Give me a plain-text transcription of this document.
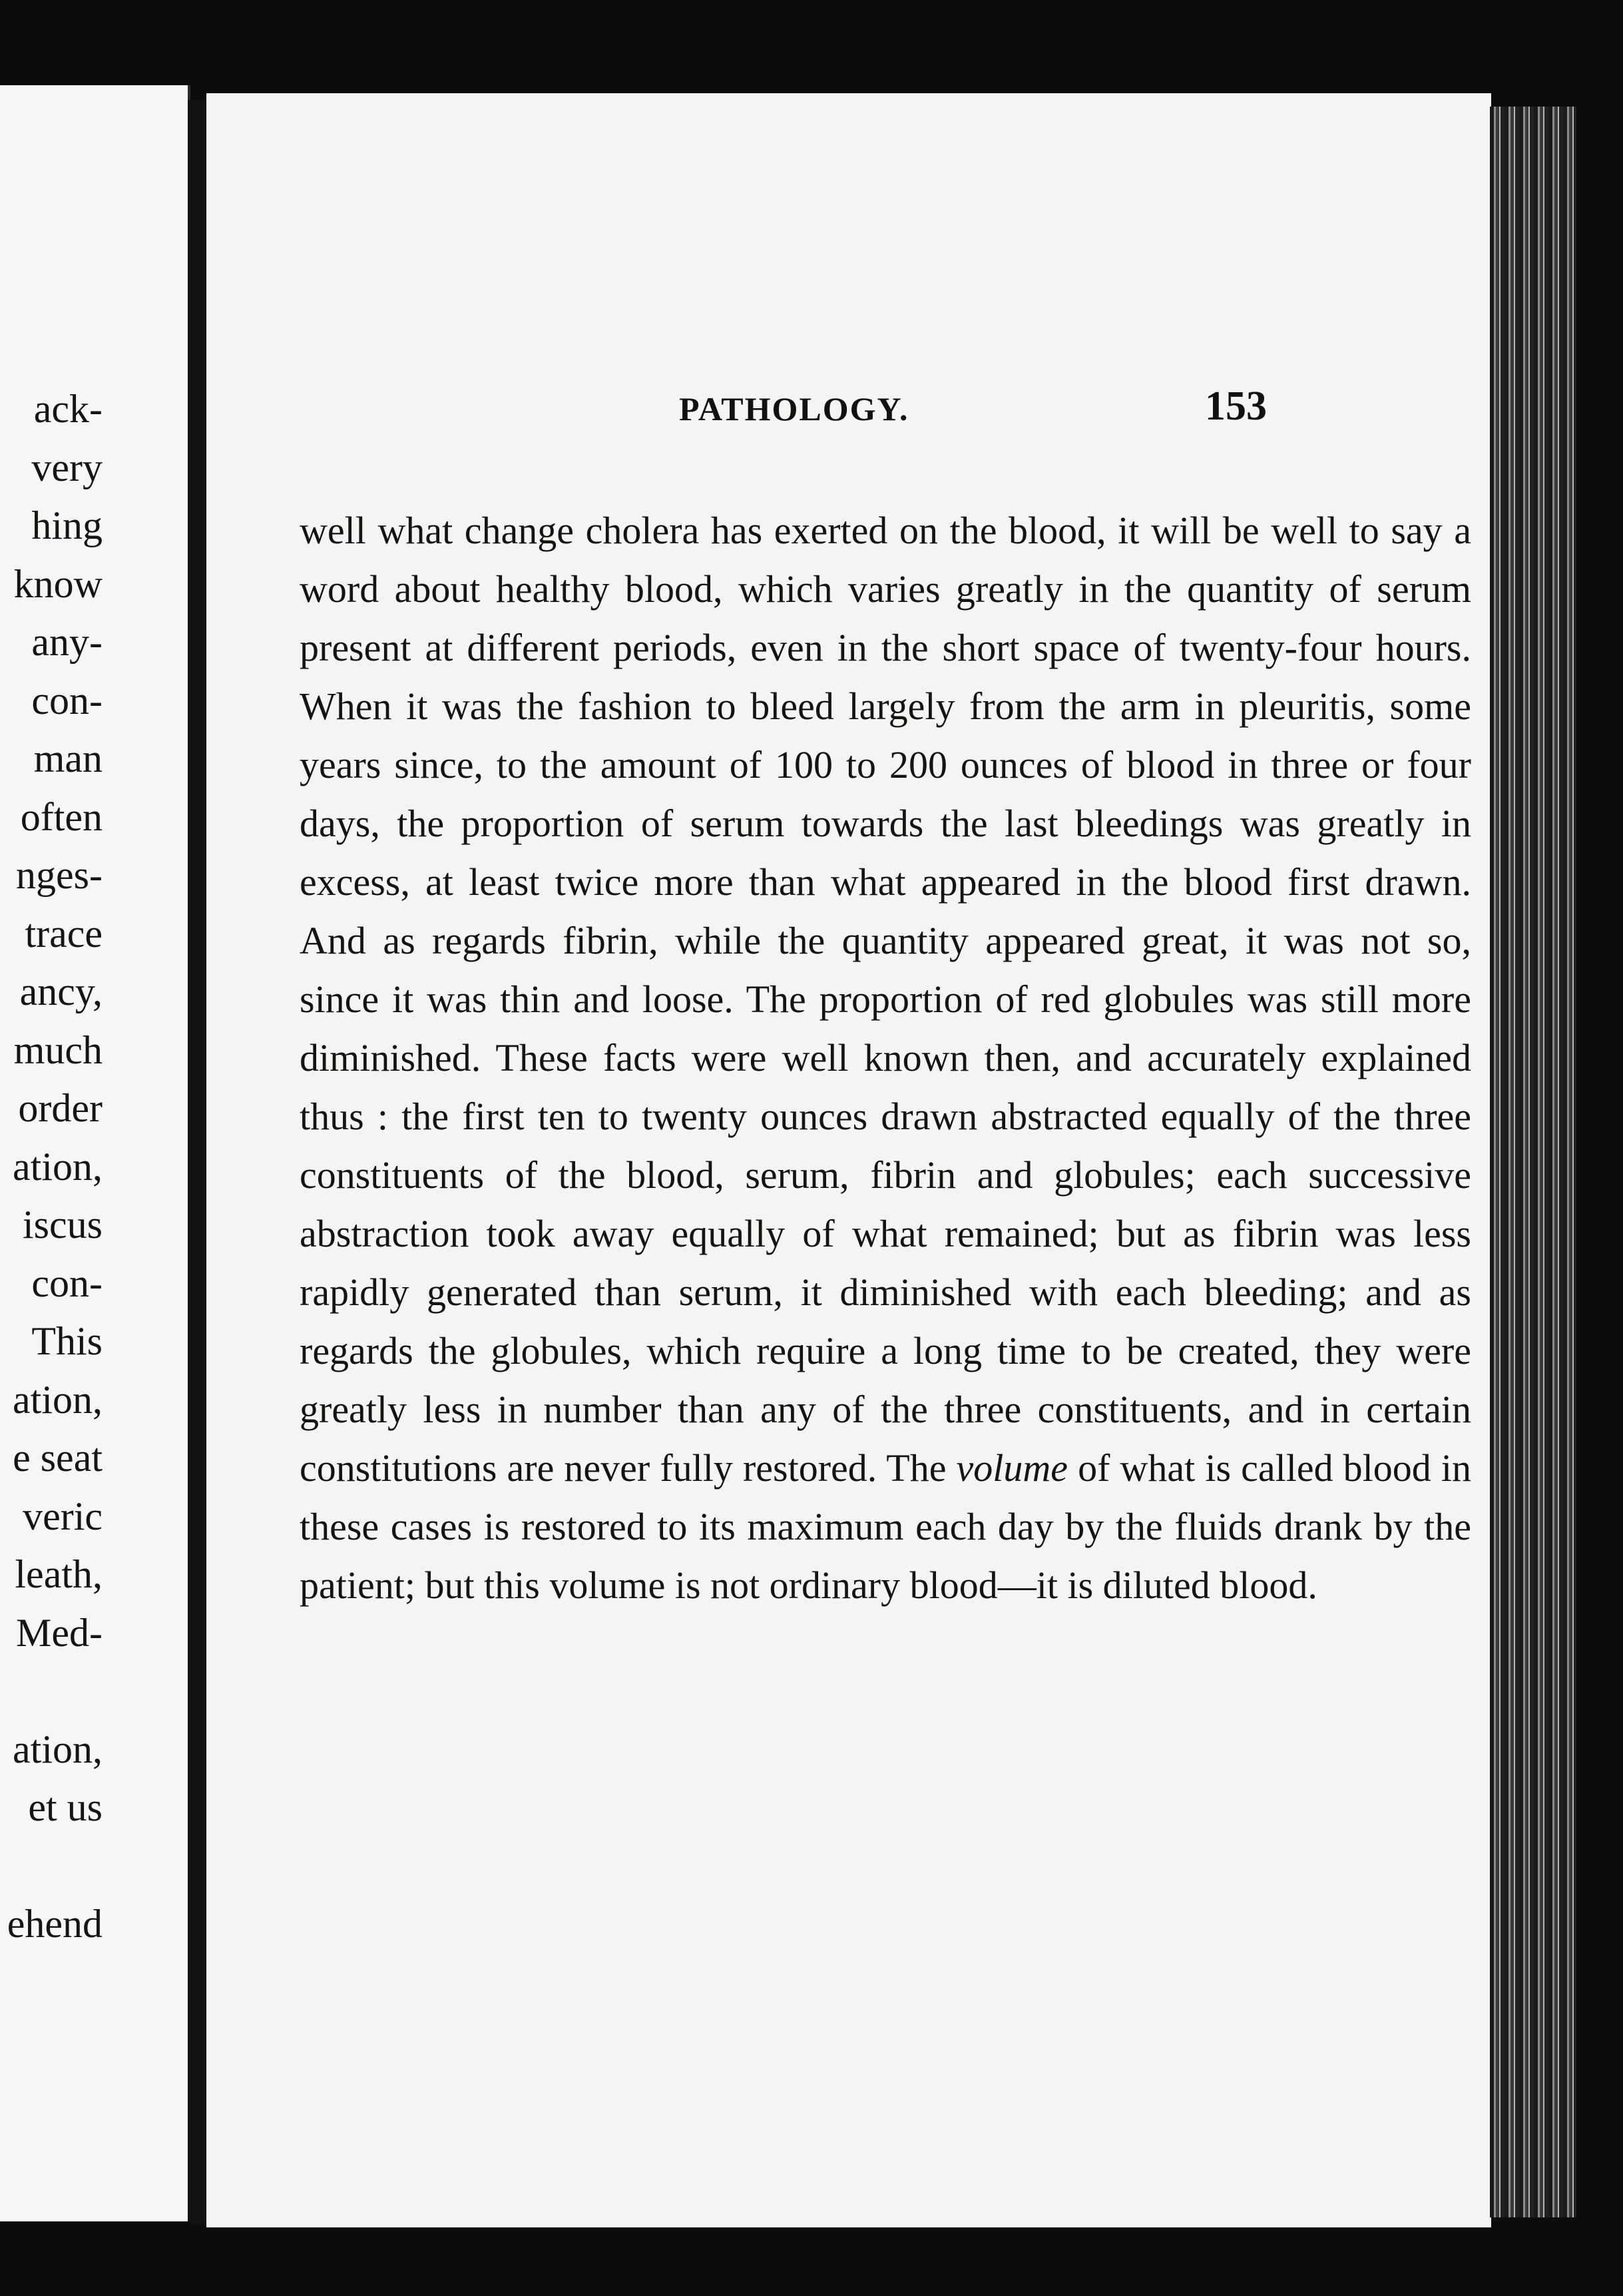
ack-
very
hing
know
any-
con-
man
often
nges-
trace
ancy,
much
order
ation,
iscus
con-
This
ation,
e seat
veric
leath,
Med-
ation,
et us
ehend
PATHOLOGY.	153

well what change cholera has exerted on the blood, it will be well to say a word about healthy blood, which varies greatly in the quantity of serum present at different periods, even in the short space of twenty-four hours. When it was the fashion to bleed largely from the arm in pleuritis, some years since, to the amount of 100 to 200 ounces of blood in three or four days, the proportion of serum towards the last bleedings was greatly in excess, at least twice more than what appeared in the blood first drawn. And as regards fibrin, while the quantity appeared great, it was not so, since it was thin and loose. The proportion of red globules was still more diminished. These facts were well known then, and accurately explained thus : the first ten to twenty ounces drawn abstracted equally of the three constituents of the blood, serum, fibrin and globules; each successive abstraction took away equally of what remained; but as fibrin was less rapidly generated than serum, it diminished with each bleeding; and as regards the globules, which require a long time to be created, they were greatly less in number than any of the three constituents, and in certain constitutions are never fully restored. The volume of what is called blood in these cases is restored to its maximum each day by the fluids drank by the patient; but this volume is not ordinary blood—it is diluted blood.
